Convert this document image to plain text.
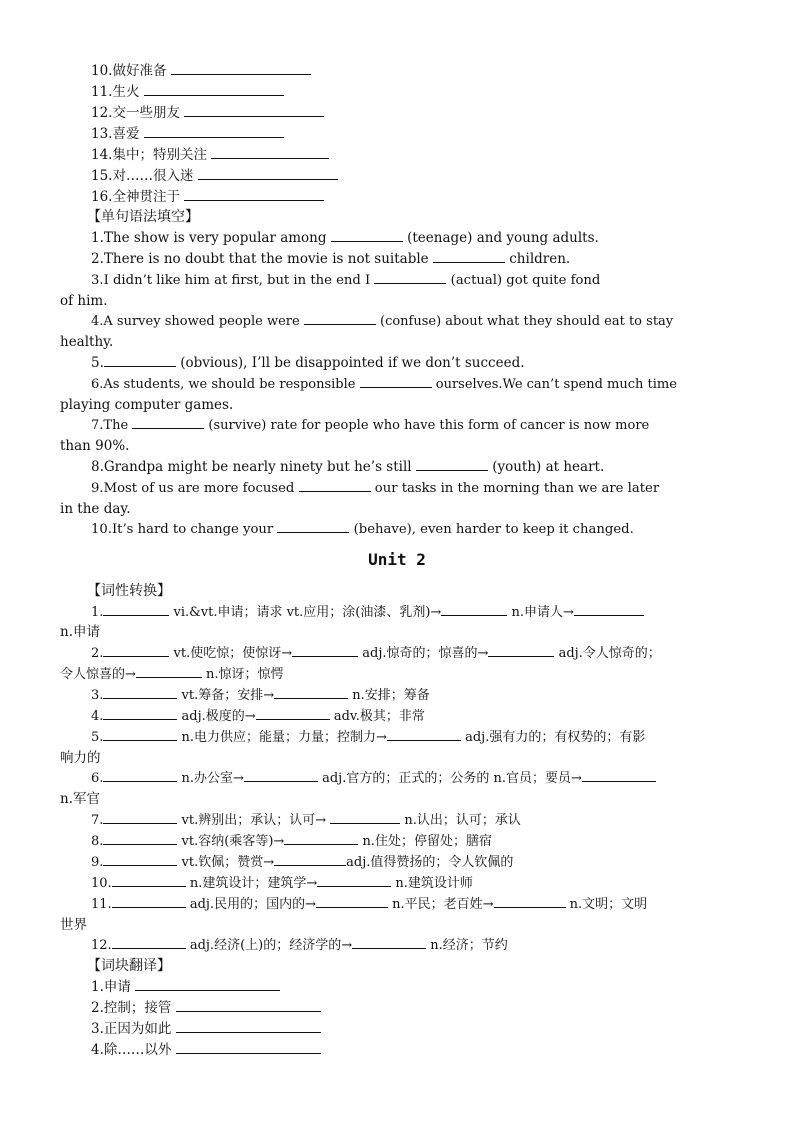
10.做好准备
11.生火
12.交一些朋友
13.喜爱
14.集中；特别关注
15.对……很入迷
16.全神贯注于
【单句语法填空】
1.The show is very popular among	(teenage) and young adults.
2.There is no doubt that the movie is not suitable	children.
3.I didn’t like him at first, but in the end I	(actual) got quite fond
of him.
4.A survey showed people were	(confuse) about what they should eat to stay
healthy.
5.	(obvious), I’ll be disappointed if we don’t succeed.
6.As students, we should be responsible	ourselves.We can’t spend much time
playing computer games.
7.The	(survive) rate for people who have this form of cancer is now more
than 90%.
8.Grandpa might be nearly ninety but he’s still	(youth) at heart.
9.Most of us are more focused	our tasks in the morning than we are later
in the day.
10.It’s hard to change your	(behave), even harder to keep it changed.
Unit 2
【词性转换】
1.	vi.&vt.申请；请求 vt.应用；涂(油漆、乳剂)→	n.申请人→
n.申请
2.	vt.使吃惊；使惊讶→	adj.惊奇的；惊喜的→	adj.令人惊奇的；
令人惊喜的→	n.惊讶；惊愕
3.	vt.筹备；安排→	n.安排；筹备
4.	adj.极度的→	adv.极其；非常
5.	n.电力供应；能量；力量；控制力→	adj.强有力的；有权势的；有影
响力的
6.	n.办公室→	adj.官方的；正式的；公务的 n.官员；要员→
n.军官
7.	vt.辨别出；承认；认可→	n.认出；认可；承认
8.	vt.容纳(乘客等)→	n.住处；停留处；膳宿
9.	vt.钦佩；赞赏→	adj.值得赞扬的；令人钦佩的
10.	n.建筑设计；建筑学→	n.建筑设计师
11.	adj.民用的；国内的→	n.平民；老百姓→	n.文明；文明
世界
12.	adj.经济(上)的；经济学的→	n.经济；节约
【词块翻译】
1.申请
2.控制；接管
3.正因为如此
4.除……以外
